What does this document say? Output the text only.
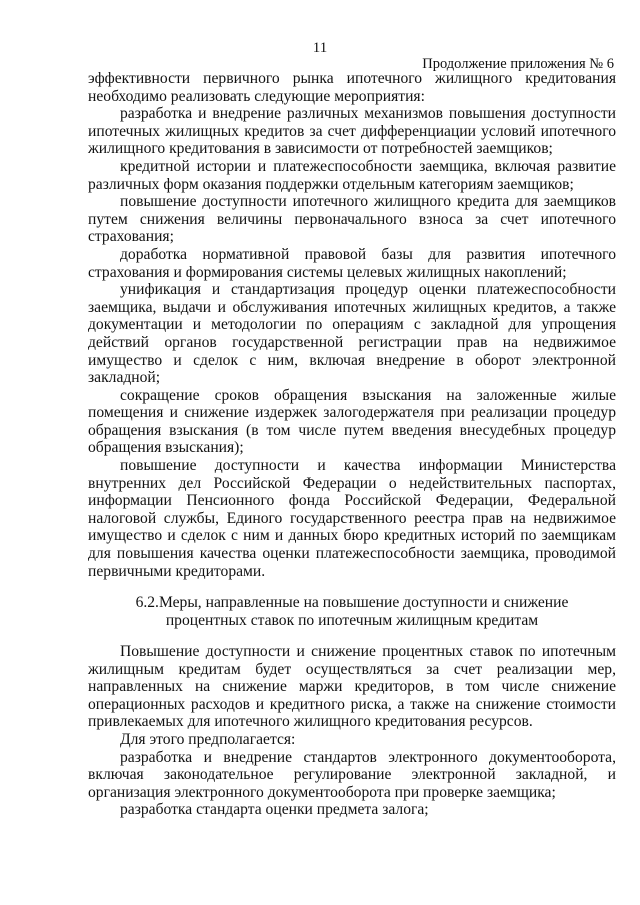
11
Продолжение приложения № 6

эффективности первичного рынка ипотечного жилищного кредитования необходимо реализовать следующие мероприятия:

разработка и внедрение различных механизмов повышения доступности ипотечных жилищных кредитов за счет дифференциации условий ипотечного жилищного кредитования в зависимости от потребностей заемщиков;

кредитной истории и платежеспособности заемщика, включая развитие различных форм оказания поддержки отдельным категориям заемщиков;

повышение доступности ипотечного жилищного кредита для заемщиков путем снижения величины первоначального взноса за счет ипотечного страхования;

доработка нормативной правовой базы для развития ипотечного страхования и формирования системы целевых жилищных накоплений;

унификация и стандартизация процедур оценки платежеспособности заемщика, выдачи и обслуживания ипотечных жилищных кредитов, а также документации и методологии по операциям с закладной для упрощения действий органов государственной регистрации прав на недвижимое имущество и сделок с ним, включая внедрение в оборот электронной закладной;

сокращение сроков обращения взыскания на заложенные жилые помещения и снижение издержек залогодержателя при реализации процедур обращения взыскания (в том числе путем введения внесудебных процедур обращения взыскания);

повышение доступности и качества информации Министерства внутренних дел Российской Федерации о недействительных паспортах, информации Пенсионного фонда Российской Федерации, Федеральной налоговой службы, Единого государственного реестра прав на недвижимое имущество и сделок с ним и данных бюро кредитных историй по заемщикам для повышения качества оценки платежеспособности заемщика, проводимой первичными кредиторами.

6.2.Меры, направленные на повышение доступности и снижение
процентных ставок по ипотечным жилищным кредитам

Повышение доступности и снижение процентных ставок по ипотечным жилищным кредитам будет осуществляться за счет реализации мер, направленных на снижение маржи кредиторов, в том числе снижение операционных расходов и кредитного риска, а также на снижение стоимости привлекаемых для ипотечного жилищного кредитования ресурсов.

Для этого предполагается:

разработка и внедрение стандартов электронного документооборота, включая законодательное регулирование электронной закладной, и организация электронного документооборота при проверке заемщика;

разработка стандарта оценки предмета залога;
